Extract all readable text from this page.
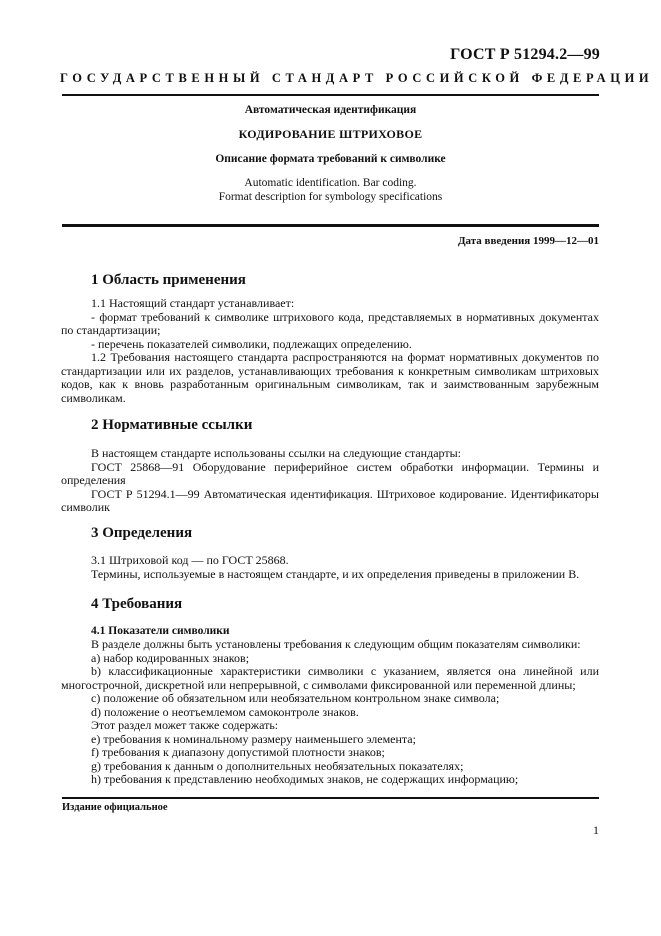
ГОСТ Р 51294.2—99
ГОСУДАРСТВЕННЫЙ СТАНДАРТ РОССИЙСКОЙ ФЕДЕРАЦИИ
Автоматическая идентификация
КОДИРОВАНИЕ ШТРИХОВОЕ
Описание формата требований к символике
Automatic identification. Bar coding.
Format description for symbology specifications
Дата введения 1999—12—01
1 Область применения

1.1 Настоящий стандарт устанавливает:

- формат требований к символике штрихового кода, представляемых в нормативных документах по стандартизации;

- перечень показателей символики, подлежащих определению.

1.2 Требования настоящего стандарта распространяются на формат нормативных документов по стандартизации или их разделов, устанавливающих требования к конкретным символикам штриховых кодов, как к вновь разработанным оригинальным символикам, так и заимствованным зарубежным символикам.

2 Нормативные ссылки

В настоящем стандарте использованы ссылки на следующие стандарты:

ГОСТ 25868—91 Оборудование периферийное систем обработки информации. Термины и определения

ГОСТ Р 51294.1—99 Автоматическая идентификация. Штриховое кодирование. Идентификаторы символик

3 Определения

3.1 Штриховой код — по ГОСТ 25868.

Термины, используемые в настоящем стандарте, и их определения приведены в приложении В.

4 Требования
4.1 Показатели символики

В разделе должны быть установлены требования к следующим общим показателям символики:

а) набор кодированных знаков;

b) классификационные характеристики символики с указанием, является она линейной или многострочной, дискретной или непрерывной, с символами фиксированной или переменной длины;

с) положение об обязательном или необязательном контрольном знаке символа;

d) положение о неотъемлемом самоконтроле знаков.

Этот раздел может также содержать:

е) требования к номинальному размеру наименьшего элемента;

f) требования к диапазону допустимой плотности знаков;

g) требования к данным о дополнительных необязательных показателях;

h) требования к представлению необходимых знаков, не содержащих информацию;

Издание официальное
1
